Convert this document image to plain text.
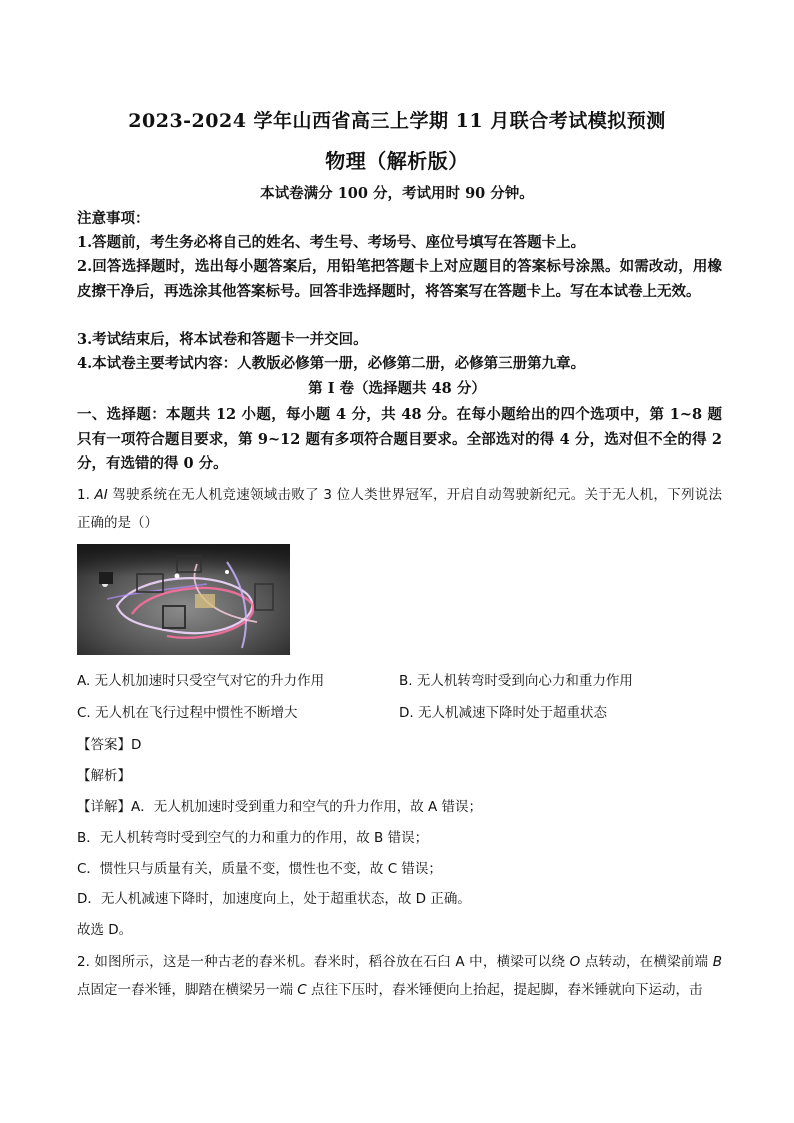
2023-2024 学年山西省高三上学期 11 月联合考试模拟预测
物理（解析版）
本试卷满分 100 分，考试用时 90 分钟。
注意事项：
1.答题前，考生务必将自己的姓名、考生号、考场号、座位号填写在答题卡上。
2.回答选择题时，选出每小题答案后，用铅笔把答题卡上对应题目的答案标号涂黑。如需改动，用橡皮擦干净后，再选涂其他答案标号。回答非选择题时，将答案写在答题卡上。写在本试卷上无效。
3.考试结束后，将本试卷和答题卡一并交回。
4.本试卷主要考试内容：人教版必修第一册，必修第二册，必修第三册第九章。
第 I 卷（选择题共 48 分）
一、选择题：本题共 12 小题，每小题 4 分，共 48 分。在每小题给出的四个选项中，第 1~8 题只有一项符合题目要求，第 9~12 题有多项符合题目要求。全部选对的得 4 分，选对但不全的得 2 分，有选错的得 0 分。
1. AI 驾驶系统在无人机竞速领域击败了 3 位人类世界冠军，开启自动驾驶新纪元。关于无人机，下列说法正确的是（）
A. 无人机加速时只受空气对它的升力作用	B. 无人机转弯时受到向心力和重力作用
C. 无人机在飞行过程中惯性不断增大	D. 无人机减速下降时处于超重状态
【答案】D
【解析】
【详解】A．无人机加速时受到重力和空气的升力作用，故 A 错误；
B．无人机转弯时受到空气的力和重力的作用，故 B 错误；
C．惯性只与质量有关，质量不变，惯性也不变，故 C 错误；
D．无人机减速下降时，加速度向上，处于超重状态，故 D 正确。
故选 D。
2. 如图所示，这是一种古老的舂米机。舂米时，稻谷放在石臼 A 中，横梁可以绕 O 点转动，在横梁前端 B 点固定一舂米锤，脚踏在横梁另一端 C 点往下压时，舂米锤便向上抬起，提起脚，舂米锤就向下运动，击
